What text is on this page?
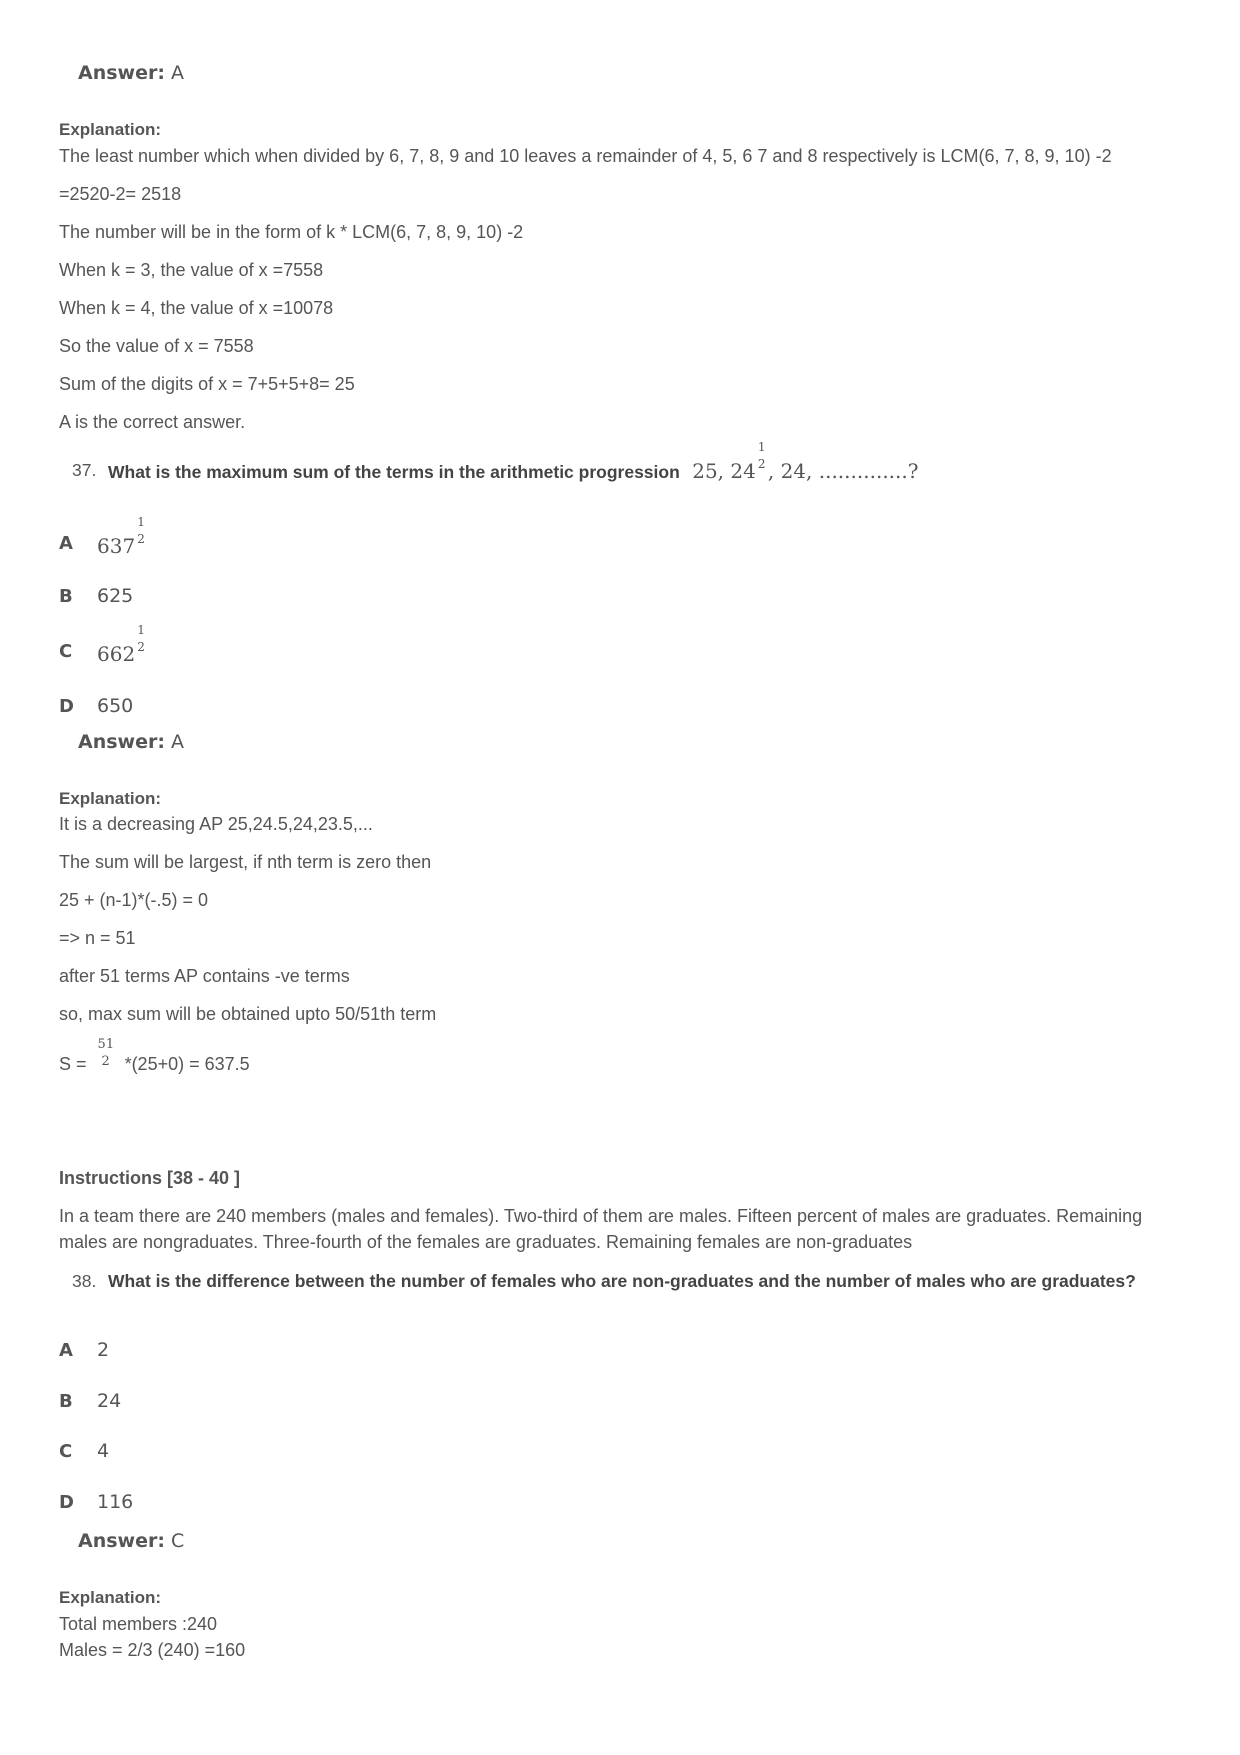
Answer: A
Explanation:
The least number which when divided by 6, 7, 8, 9 and 10 leaves a remainder of 4, 5, 6 7 and 8 respectively is LCM(6, 7, 8, 9, 10) -2
=2520-2= 2518
The number will be in the form of k * LCM(6, 7, 8, 9, 10) -2
When k = 3, the value of x =7558
When k = 4, the value of x =10078
So the value of x = 7558
Sum of the digits of x = 7+5+5+8= 25
A is the correct answer.
37. What is the maximum sum of the terms in the arithmetic progression 25, 24
1
2 , 24, ..............?
A 637
1
2
B 625
C 662
1
2
D 650
Answer: A
Explanation:
It is a decreasing AP 25,24.5,24,23.5,...
The sum will be largest, if nth term is zero then
25 + (n-1)*(-.5) = 0
=> n = 51
after 51 terms AP contains -ve terms
so, max sum will be obtained upto 50/51th term
S =
51
2 *(25+0) = 637.5
Instructions [38 - 40 ]
In a team there are 240 members (males and females). Two-third of them are males. Fifteen percent of males are graduates. Remaining males are nongraduates. Three-fourth of the females are graduates. Remaining females are non-graduates
38. What is the difference between the number of females who are non-graduates and the number of males who are graduates?
A 2
B 24
C 4
D 116
Answer: C
Explanation:
Total members :240
Males = 2/3 (240) =160
